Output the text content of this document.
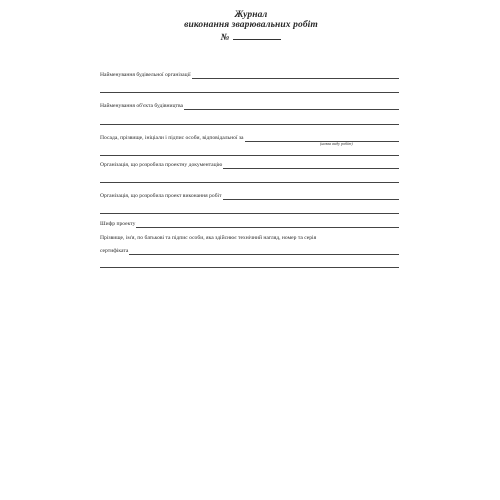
Журнал
виконання зварювальних робіт
№
Найменування будівельної організації
Найменування об'єкта будівництва
Посада, прізвище, ініціали і підпис особи, відповідальної за
(назва виду робіт)
Організація, що розробила проектну документацію
Організація, що розробила проект виконання робіт
Шифр проекту
Прізвище, ім'я, по батькові та підпис особи, яка здійснює технічний нагляд, номер та серія
сертифіката
